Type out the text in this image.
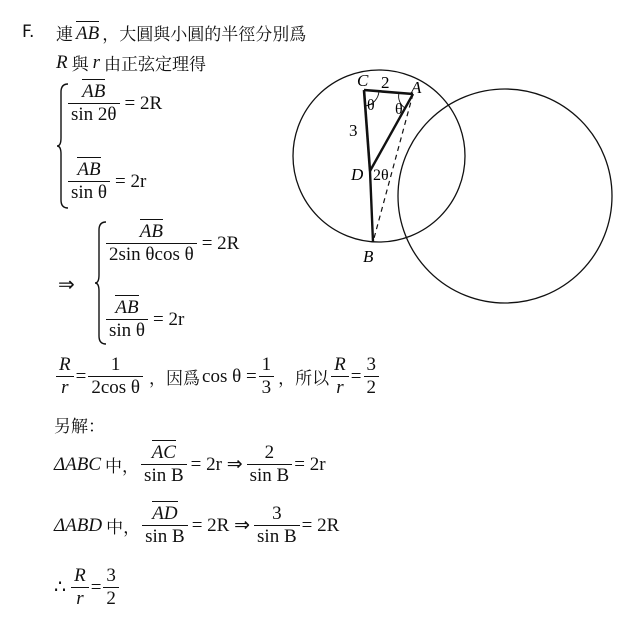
F. 連 AB ，大圓與小圓的半徑分別爲
R 與 r 由正弦定理得
$\frac{AB}{\sin 2\theta} = 2R$
$\frac{AB}{\text{sin θ}} = 2r$
⇒
$\frac{AB}{\text{2sin θcos θ}} = 2R$
$\frac{AB}{\text{sin θ}} = 2r$
$\frac{R}{r} = \frac{1}{\text{2cos θ}}$ ，因爲 $\cos \theta = \frac{1}{3}$ ，所以 $\frac{R}{r} = \frac{3}{2}$
另解：
ΔABC 中， $\frac{AC}{\text{sin B}} = 2r$ ⇒ $\frac{2}{\text{sin B}} = 2r$
ΔABD 中， $\frac{AD}{\text{sin B}} = 2R$ ⇒ $\frac{3}{\text{sin B}} = 2R$
∴ $\frac{R}{r} = \frac{3}{2}$
C 2 A
θ θ
3
D 2θ
B
